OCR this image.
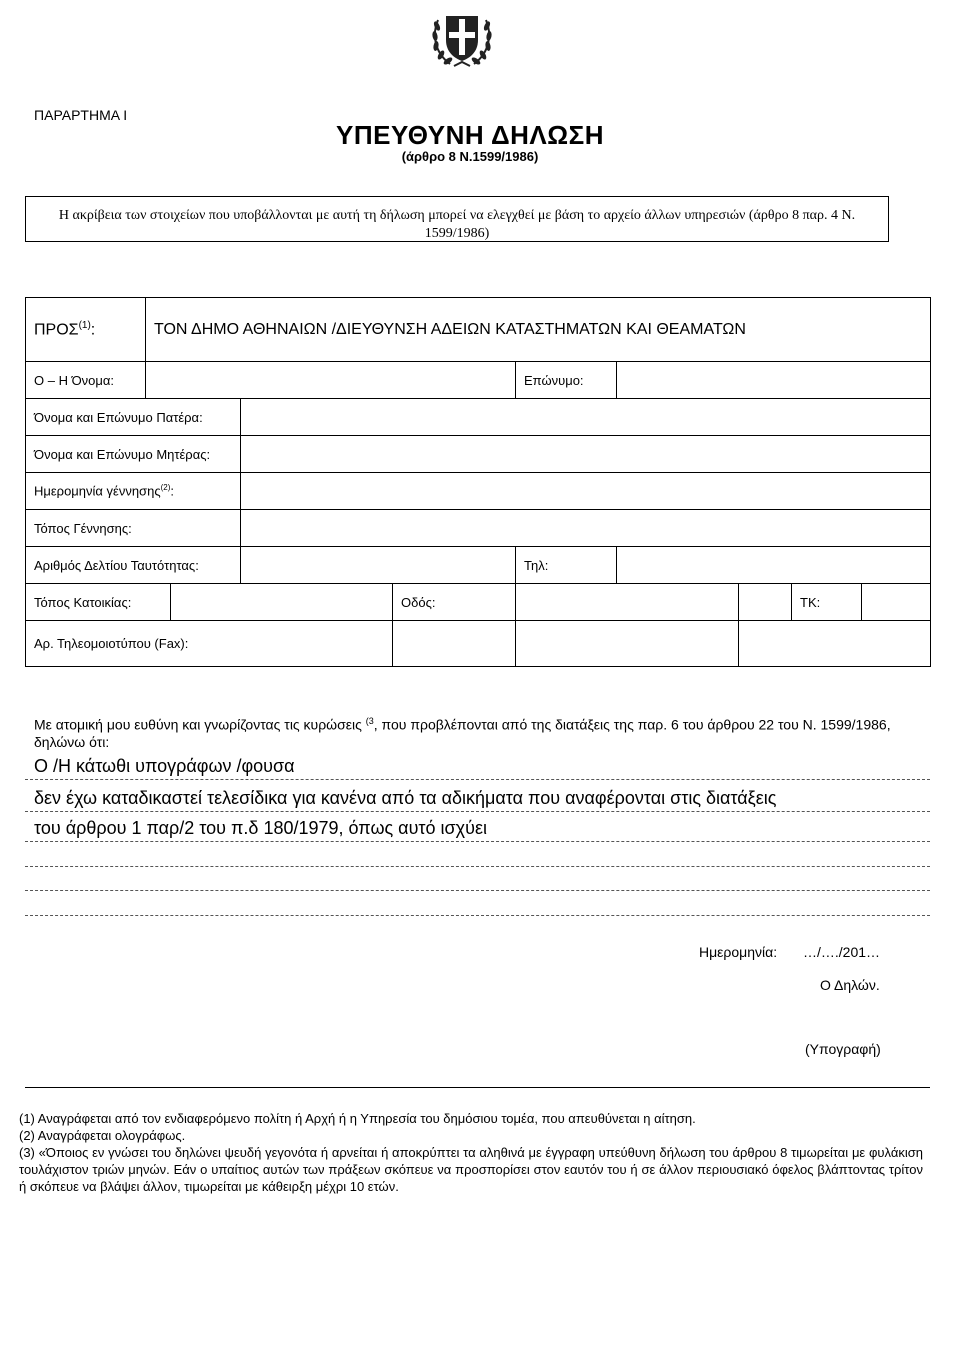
ΠΑΡΑΡΤΗΜΑ Ι
ΥΠΕΥΘΥΝΗ ΔΗΛΩΣΗ
(άρθρο 8 Ν.1599/1986)
Η ακρίβεια των στοιχείων που υποβάλλονται με αυτή τη δήλωση μπορεί να ελεγχθεί με βάση το αρχείο άλλων υπηρεσιών (άρθρο 8 παρ. 4 Ν. 1599/1986)
ΠΡΟΣ$^{(1)}$:	ΤΟΝ ΔΗΜΟ ΑΘΗΝΑΙΩΝ /ΔΙΕΥΘΥΝΣΗ ΑΔΕΙΩΝ ΚΑΤΑΣΤΗΜΑΤΩΝ ΚΑΙ ΘΕΑΜΑΤΩΝ								
Ο – Η Όνομα:					Επώνυμο:				
Όνομα και Επώνυμο Πατέρα:									
Όνομα και Επώνυμο Μητέρας:									
Ημερομηνία γέννησης$^{(2)}$:									
Τόπος Γέννησης:									
Αριθμός Δελτίου Ταυτότητας:					Τηλ:				
Τόπος Κατοικίας:				Οδός:				ΤΚ:	
Αρ. Τηλεομοιοτύπου (Fax):									
Με ατομική μου ευθύνη και γνωρίζοντας τις κυρώσεις $^{(3}$, που προβλέπονται από της διατάξεις της παρ. 6 του άρθρου 22 του Ν. 1599/1986, δηλώνω ότι:
Ο /Η κάτωθι υπογράφων /φουσα
δεν έχω καταδικαστεί τελεσίδικα για κανένα από τα αδικήματα που αναφέρονται στις διατάξεις
του άρθρου 1 παρ/2 του π.δ 180/1979, όπως αυτό ισχύει
Ημερομηνία: …/…./201…
Ο Δηλών.
(Υπογραφή)

(1) Αναγράφεται από τον ενδιαφερόμενο πολίτη ή Αρχή ή η Υπηρεσία του δημόσιου τομέα, που απευθύνεται η αίτηση.

(2) Αναγράφεται ολογράφως.

(3) «Όποιος εν γνώσει του δηλώνει ψευδή γεγονότα ή αρνείται ή αποκρύπτει τα αληθινά με έγγραφη υπεύθυνη δήλωση του άρθρου 8 τιμωρείται με φυλάκιση τουλάχιστον τριών μηνών. Εάν ο υπαίτιος αυτών των πράξεων σκόπευε να προσπορίσει στον εαυτόν του ή σε άλλον περιουσιακό όφελος βλάπτοντας τρίτον ή σκόπευε να βλάψει άλλον, τιμωρείται με κάθειρξη μέχρι 10 ετών.
